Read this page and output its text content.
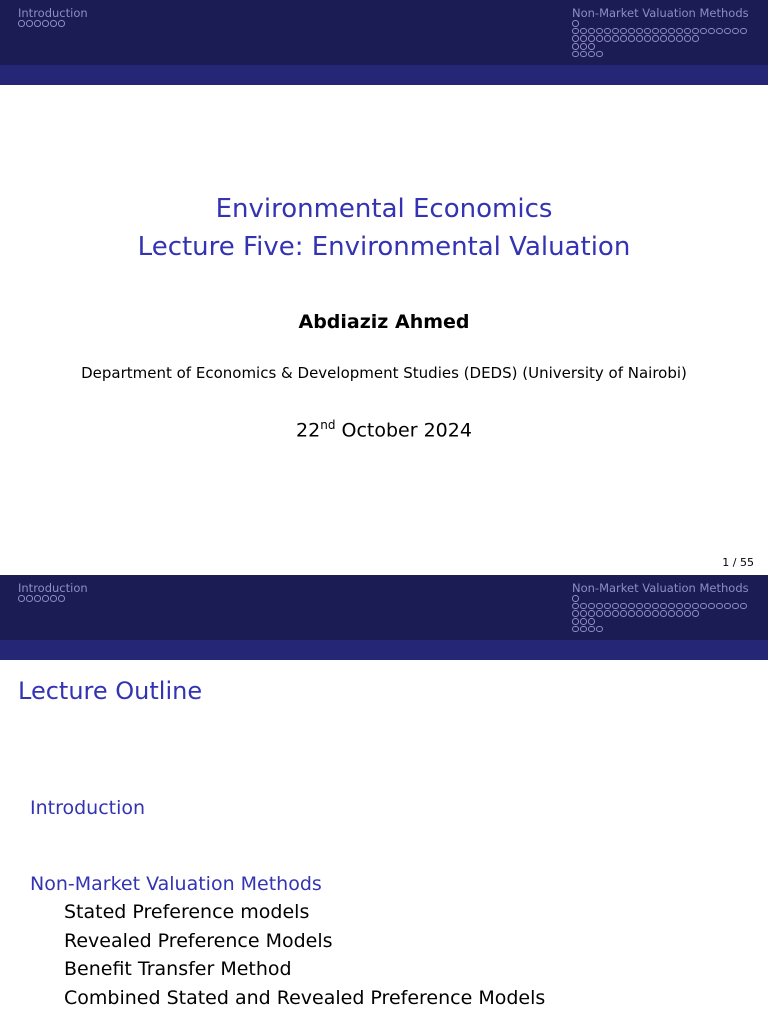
Introduction	Non-Market Valuation Methods
Environmental Economics
Lecture Five: Environmental Valuation
Abdiaziz Ahmed
Department of Economics & Development Studies (DEDS) (University of Nairobi)
22nd October 2024
1 / 55
Introduction	Non-Market Valuation Methods
Lecture Outline
Introduction
Non-Market Valuation Methods
Stated Preference models
Revealed Preference Models
Benefit Transfer Method
Combined Stated and Revealed Preference Models
